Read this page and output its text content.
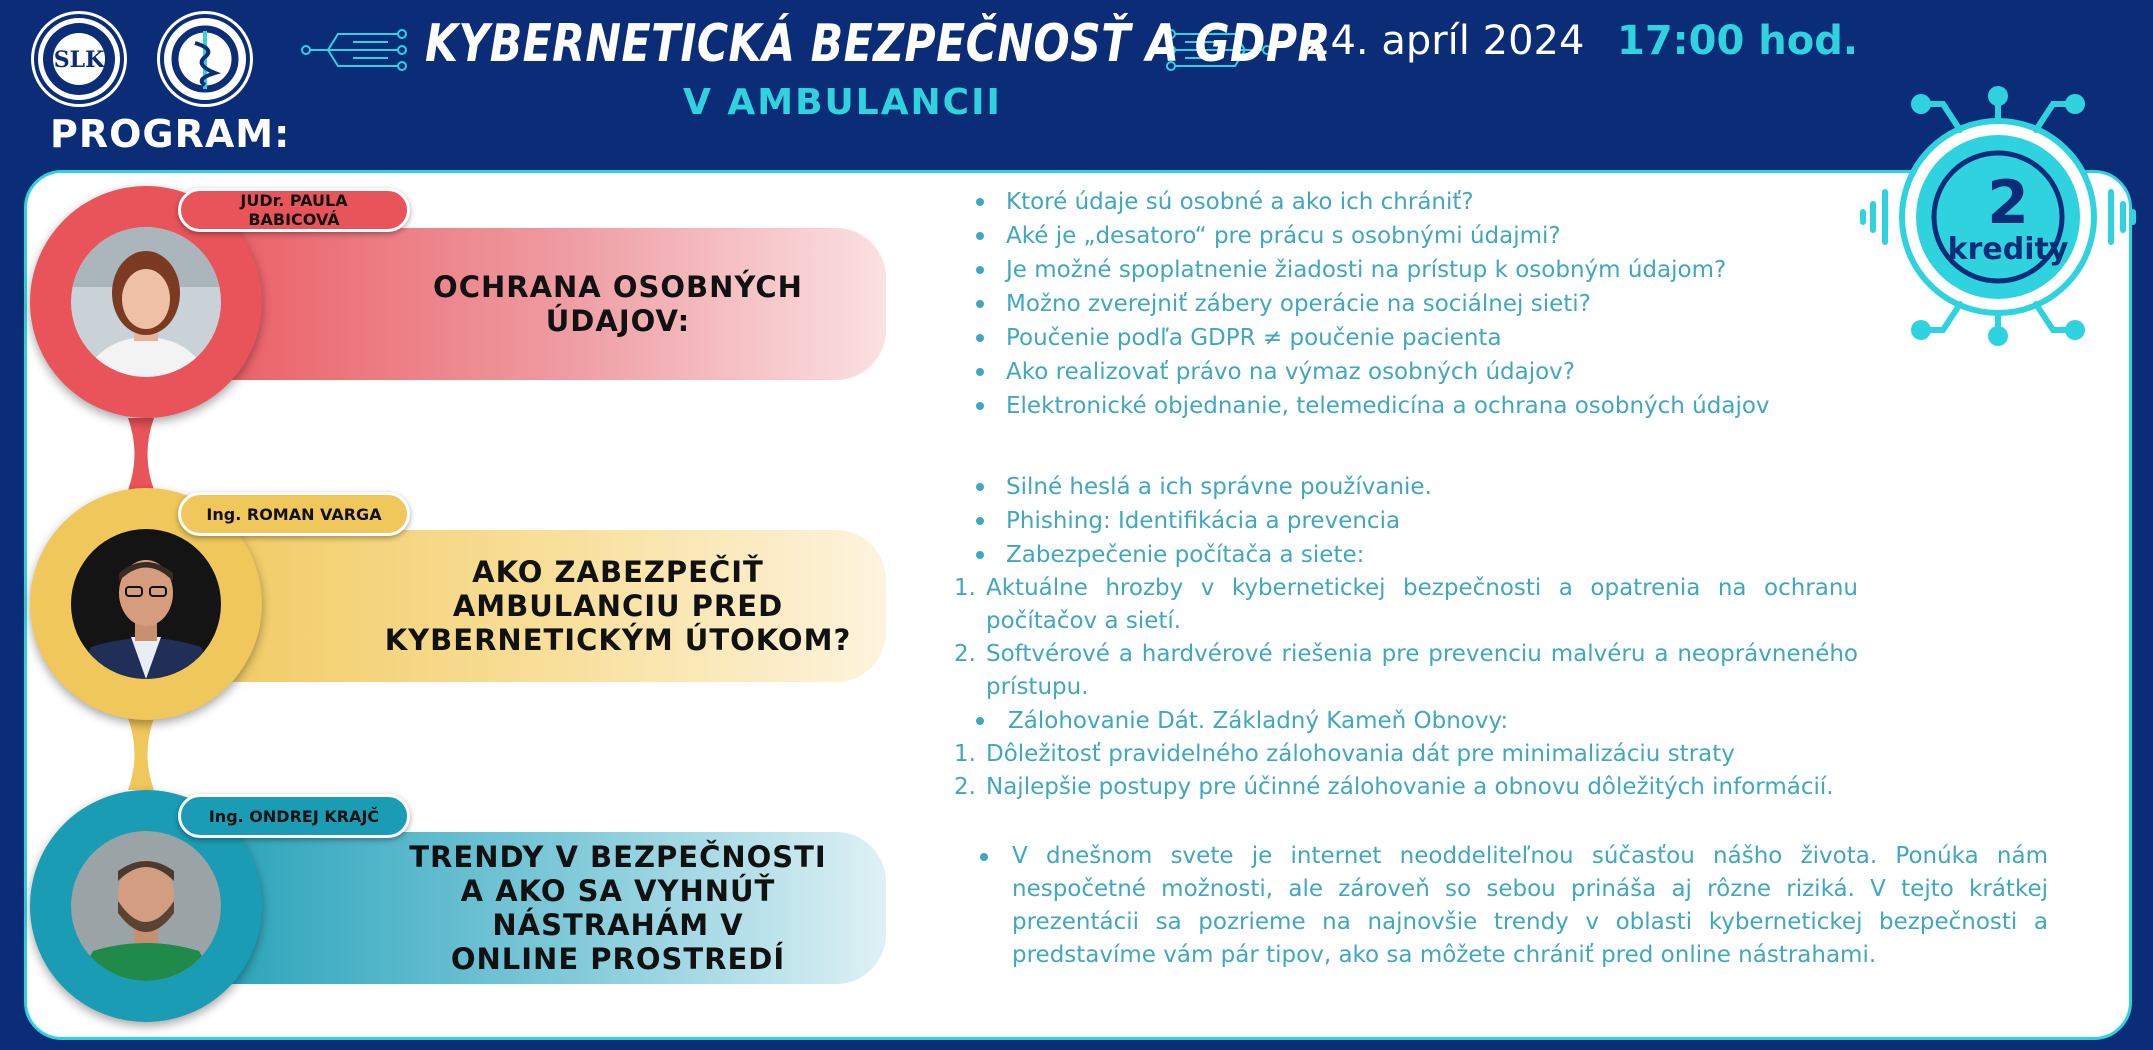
SLK	KYBERNETICKÁ BEZPEČNOSŤ A GDPR
V AMBULANCII
24. apríl 2024 17:00 hod.
PROGRAM:
2
kredity
OCHRANA OSOBNÝCH
ÚDAJOV:
JUDr. PAULA
BABICOVÁ
Ktoré údaje sú osobné a ako ich chrániť?
Aké je „desatoro“ pre prácu s osobnými údajmi?
Je možné spoplatnenie žiadosti na prístup k osobným údajom?
Možno zverejniť zábery operácie na sociálnej sieti?
Poučenie podľa GDPR ≠ poučenie pacienta
Ako realizovať právo na výmaz osobných údajov?
Elektronické objednanie, telemedicína a ochrana osobných údajov
AKO ZABEZPEČIŤ
AMBULANCIU PRED
KYBERNETICKÝM ÚTOKOM?
Ing. ROMAN VARGA
Silné heslá a ich správne používanie.
Phishing: Identifikácia a prevencia
Zabezpečenie počítača a siete:
1. Aktuálne hrozby v kybernetickej bezpečnosti a opatrenia na ochranu počítačov a sietí.
2. Softvérové a hardvérové riešenia pre prevenciu malvéru a neoprávneného prístupu.
Zálohovanie Dát. Základný Kameň Obnovy:
1. Dôležitosť pravidelného zálohovania dát pre minimalizáciu straty
2. Najlepšie postupy pre účinné zálohovanie a obnovu dôležitých informácií.
TRENDY V BEZPEČNOSTI
A AKO SA VYHNÚŤ NÁSTRAHÁM V
ONLINE PROSTREDÍ
Ing. ONDREJ KRAJČ
V dnešnom svete je internet neoddeliteľnou súčasťou nášho života. Ponúka nám nespočetné možnosti, ale zároveň so sebou prináša aj rôzne riziká. V tejto krátkej prezentácii sa pozrieme na najnovšie trendy v oblasti kybernetickej bezpečnosti a predstavíme vám pár tipov, ako sa môžete chrániť pred online nástrahami.
